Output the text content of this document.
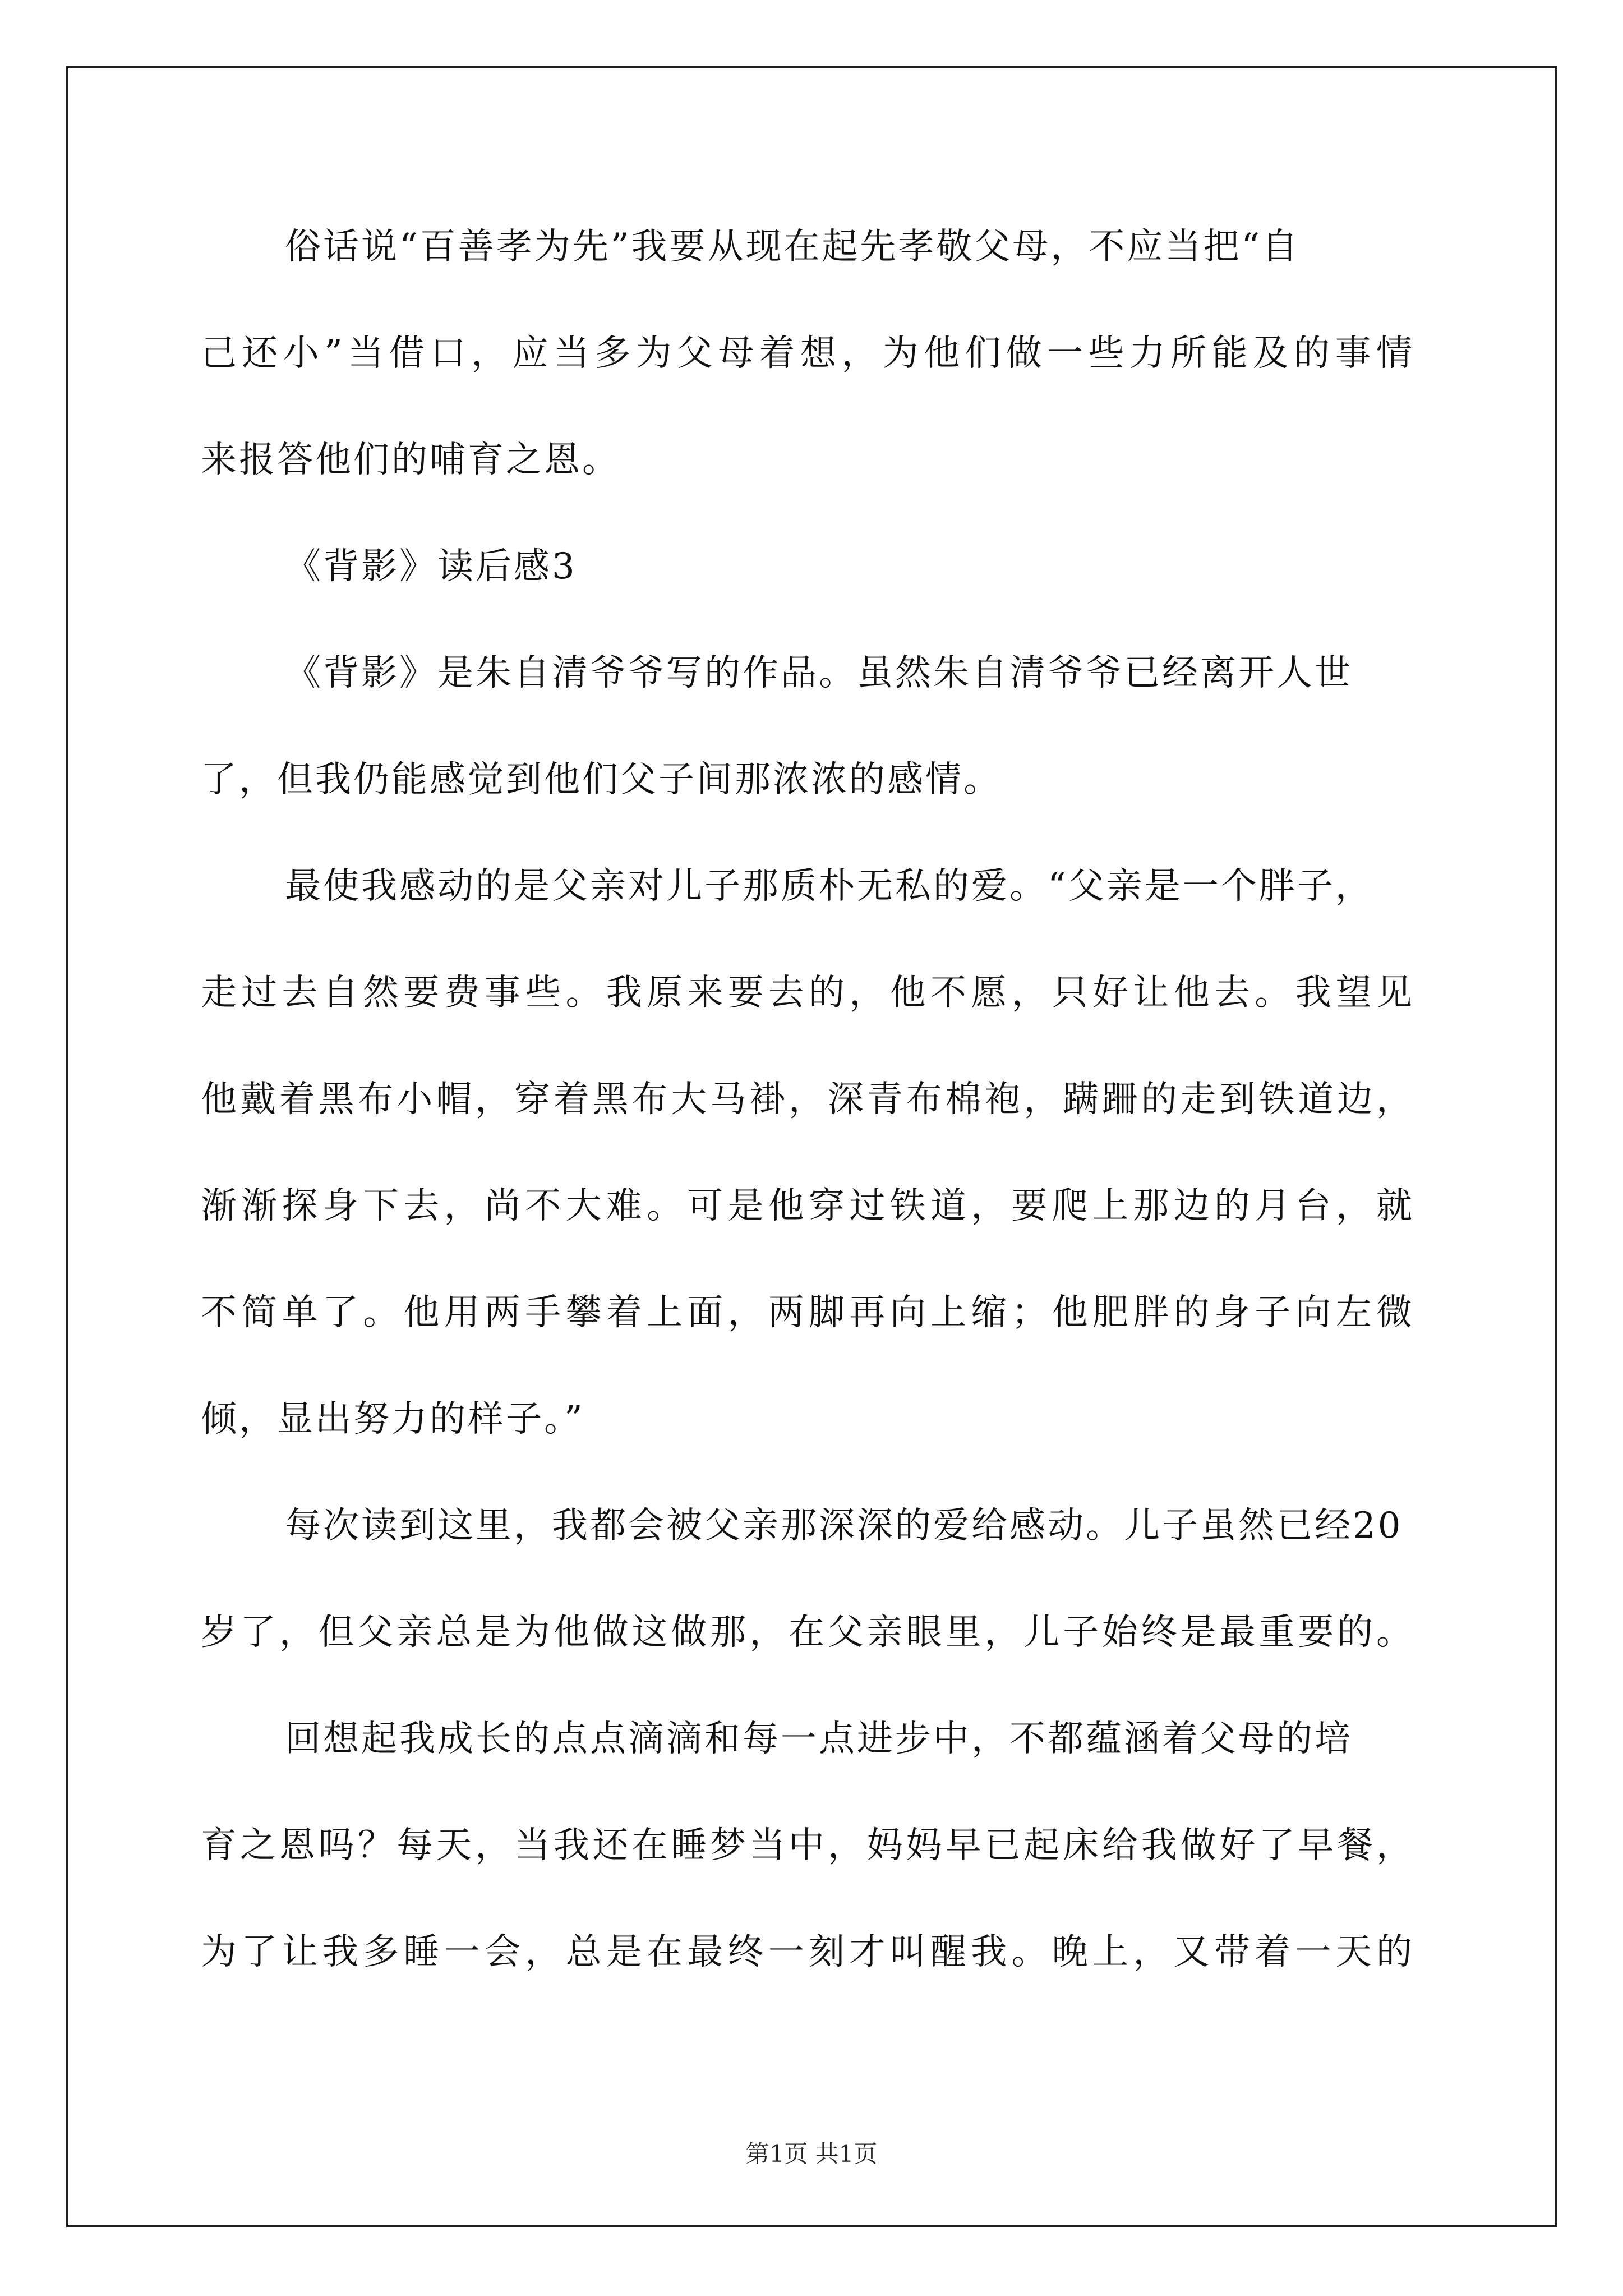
俗话说“百善孝为先”我要从现在起先孝敬父母，不应当把“自
己还小”当借口，应当多为父母着想，为他们做一些力所能及的事情
来报答他们的哺育之恩。
《背影》读后感3
《背影》是朱自清爷爷写的作品。虽然朱自清爷爷已经离开人世
了，但我仍能感觉到他们父子间那浓浓的感情。
最使我感动的是父亲对儿子那质朴无私的爱。“父亲是一个胖子，
走过去自然要费事些。我原来要去的，他不愿，只好让他去。我望见
他戴着黑布小帽，穿着黑布大马褂，深青布棉袍，蹒跚的走到铁道边，
渐渐探身下去，尚不大难。可是他穿过铁道，要爬上那边的月台，就
不简单了。他用两手攀着上面，两脚再向上缩；他肥胖的身子向左微
倾，显出努力的样子。”
每次读到这里，我都会被父亲那深深的爱给感动。儿子虽然已经20
岁了，但父亲总是为他做这做那，在父亲眼里，儿子始终是最重要的。
回想起我成长的点点滴滴和每一点进步中，不都蕴涵着父母的培
育之恩吗？每天，当我还在睡梦当中，妈妈早已起床给我做好了早餐，
为了让我多睡一会，总是在最终一刻才叫醒我。晚上，又带着一天的
第1页 共1页
